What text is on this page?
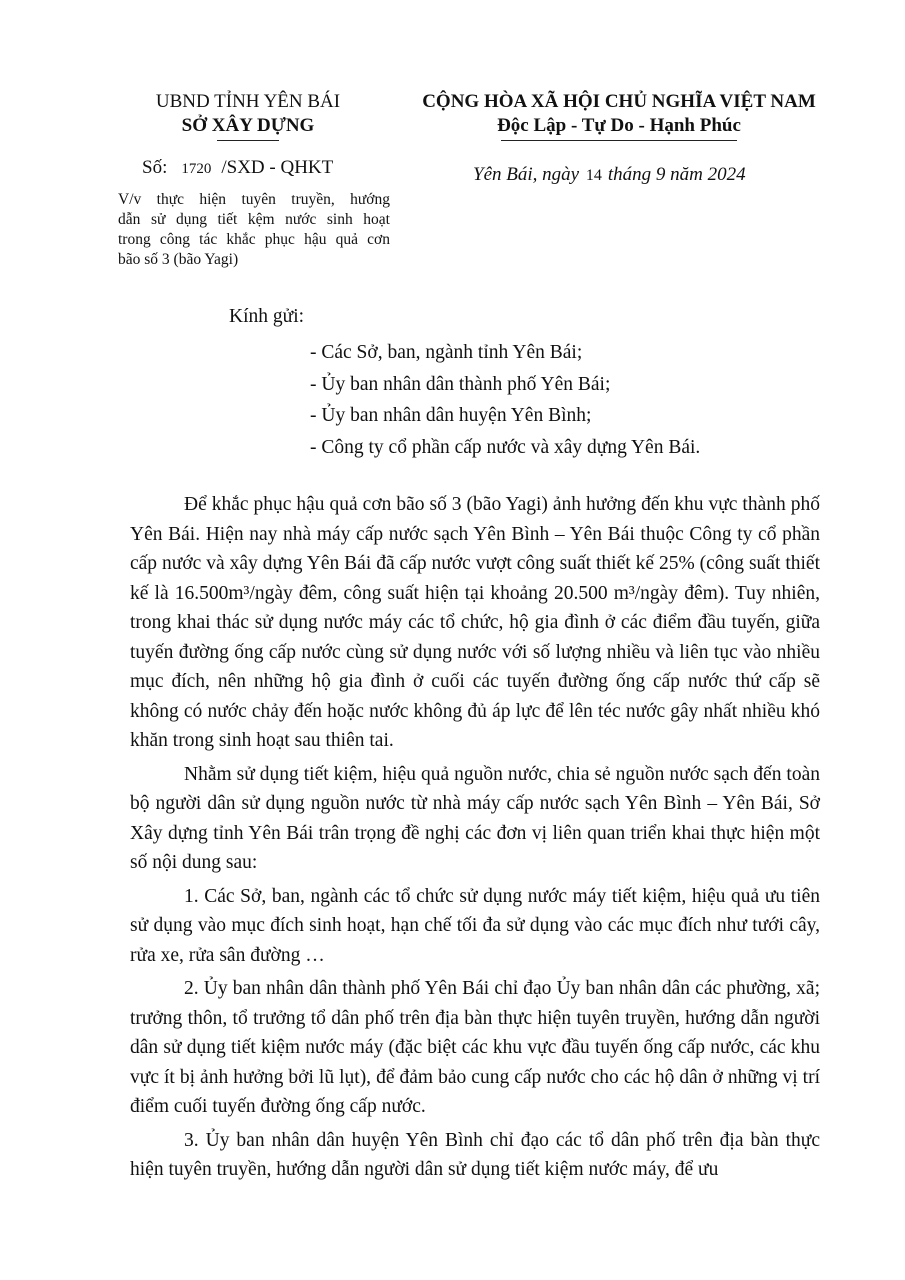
UBND TỈNH YÊN BÁI
SỞ XÂY DỰNG
CỘNG HÒA XÃ HỘI CHỦ NGHĨA VIỆT NAM
Độc Lập - Tự Do - Hạnh Phúc
Số: 1720 /SXD - QHKT	Yên Bái, ngày 14 tháng 9 năm 2024
V/v thực hiện tuyên truyền, hướng
dẫn sử dụng tiết kệm nước sinh hoạt
trong công tác khắc phục hậu quả cơn
bão số 3 (bão Yagi)
Kính gửi:
- Các Sở, ban, ngành tỉnh Yên Bái;
- Ủy ban nhân dân thành phố Yên Bái;
- Ủy ban nhân dân huyện Yên Bình;
- Công ty cổ phần cấp nước và xây dựng Yên Bái.

Để khắc phục hậu quả cơn bão số 3 (bão Yagi) ảnh hưởng đến khu vực thành phố Yên Bái. Hiện nay nhà máy cấp nước sạch Yên Bình – Yên Bái thuộc Công ty cổ phần cấp nước và xây dựng Yên Bái đã cấp nước vượt công suất thiết kế 25% (công suất thiết kế là 16.500m³/ngày đêm, công suất hiện tại khoảng 20.500 m³/ngày đêm). Tuy nhiên, trong khai thác sử dụng nước máy các tổ chức, hộ gia đình ở các điểm đầu tuyến, giữa tuyến đường ống cấp nước cùng sử dụng nước với số lượng nhiều và liên tục vào nhiều mục đích, nên những hộ gia đình ở cuối các tuyến đường ống cấp nước thứ cấp sẽ không có nước chảy đến hoặc nước không đủ áp lực để lên téc nước gây nhất nhiều khó khăn trong sinh hoạt sau thiên tai.

Nhằm sử dụng tiết kiệm, hiệu quả nguồn nước, chia sẻ nguồn nước sạch đến toàn bộ người dân sử dụng nguồn nước từ nhà máy cấp nước sạch Yên Bình – Yên Bái, Sở Xây dựng tỉnh Yên Bái trân trọng đề nghị các đơn vị liên quan triển khai thực hiện một số nội dung sau:

1. Các Sở, ban, ngành các tổ chức sử dụng nước máy tiết kiệm, hiệu quả ưu tiên sử dụng vào mục đích sinh hoạt, hạn chế tối đa sử dụng vào các mục đích như tưới cây, rửa xe, rửa sân đường …

2. Ủy ban nhân dân thành phố Yên Bái chỉ đạo Ủy ban nhân dân các phường, xã; trưởng thôn, tổ trưởng tổ dân phố trên địa bàn thực hiện tuyên truyền, hướng dẫn người dân sử dụng tiết kiệm nước máy (đặc biệt các khu vực đầu tuyến ống cấp nước, các khu vực ít bị ảnh hưởng bởi lũ lụt), để đảm bảo cung cấp nước cho các hộ dân ở những vị trí điểm cuối tuyến đường ống cấp nước.

3. Ủy ban nhân dân huyện Yên Bình chỉ đạo các tổ dân phố trên địa bàn thực hiện tuyên truyền, hướng dẫn người dân sử dụng tiết kiệm nước máy, để ưu
